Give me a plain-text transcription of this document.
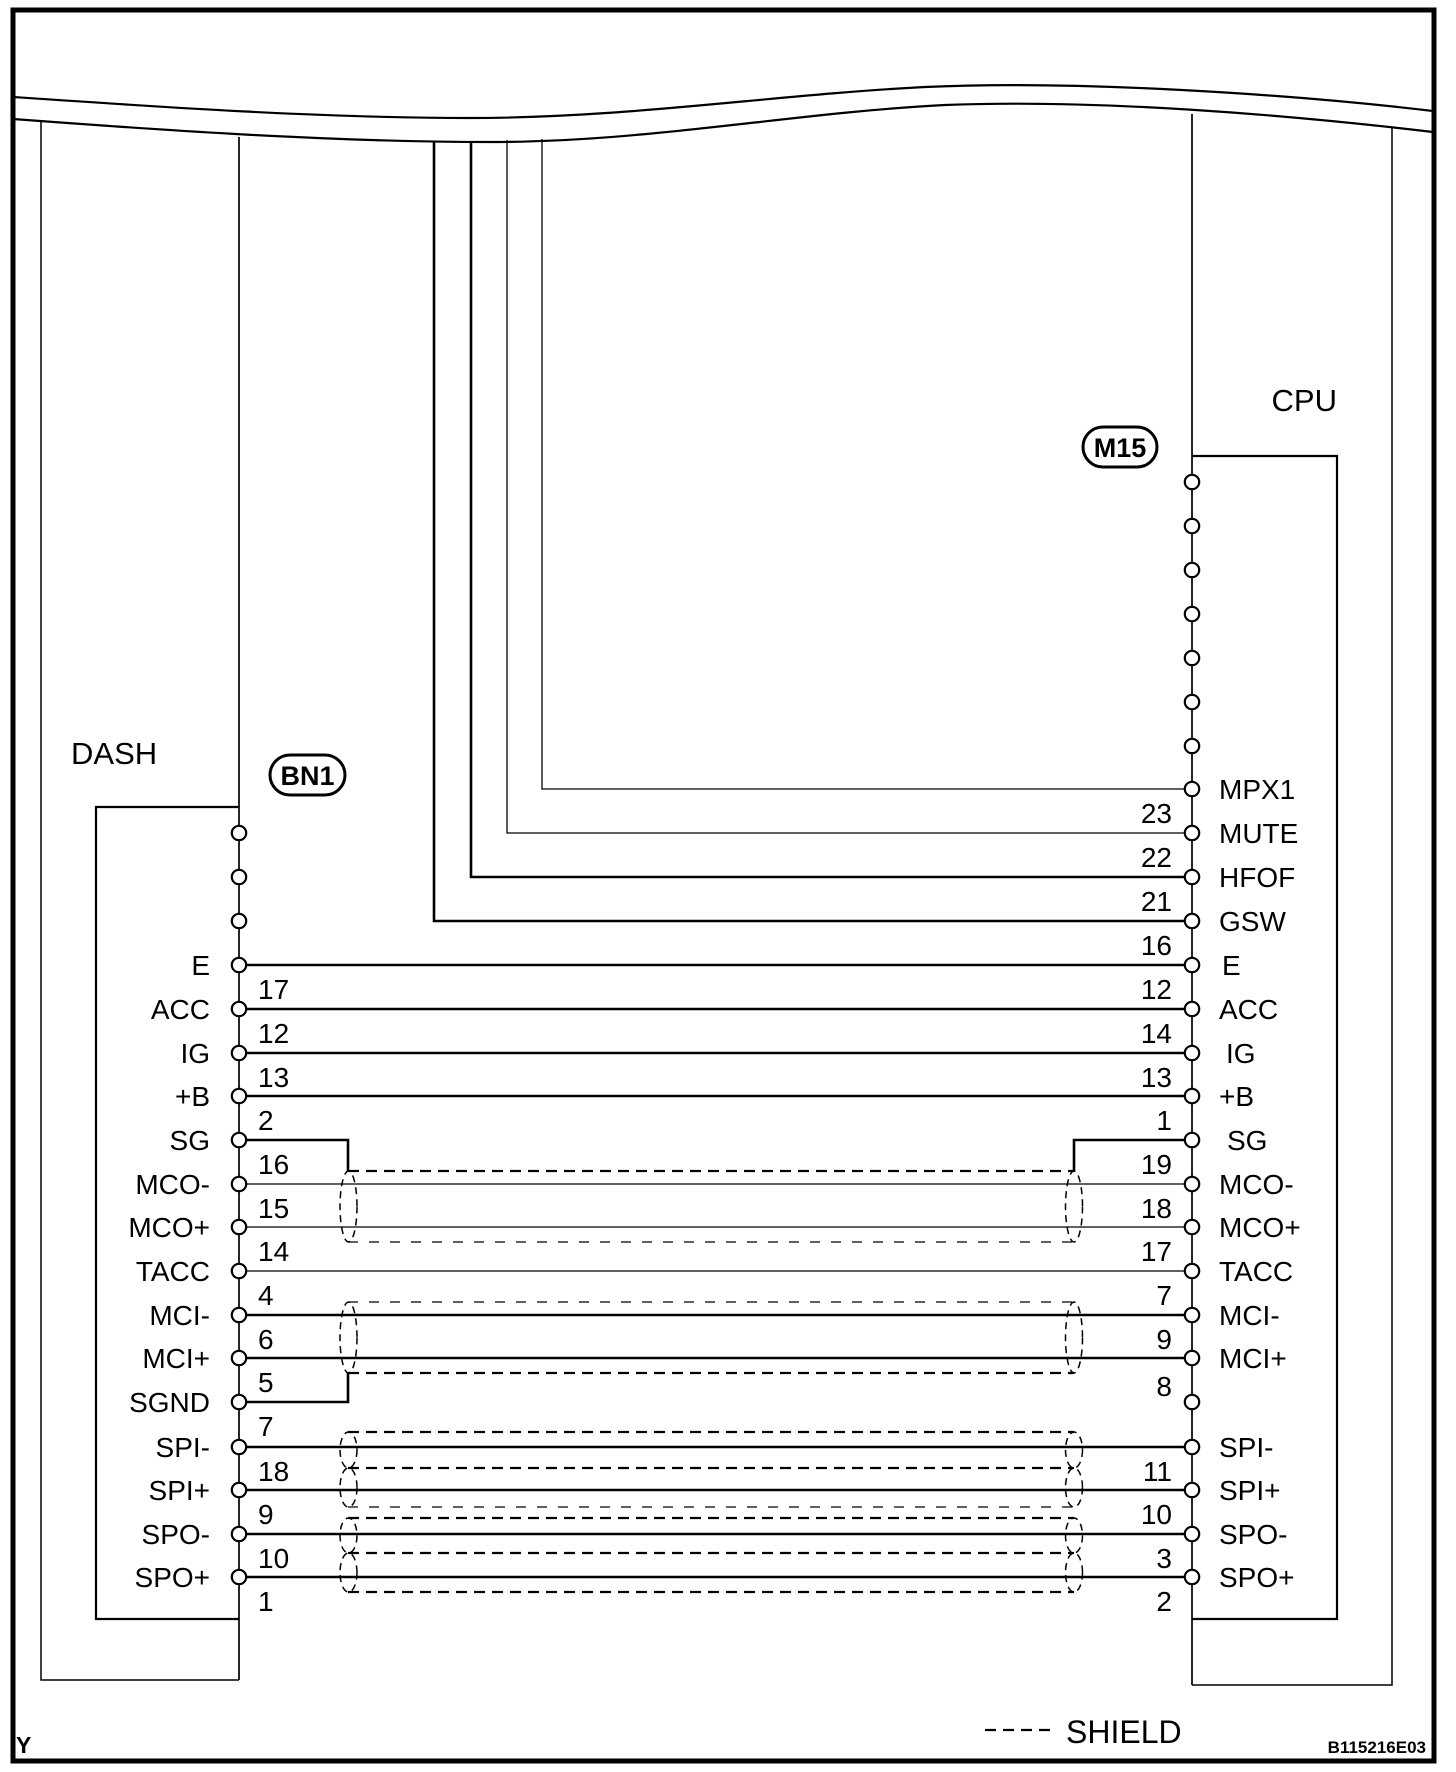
DASH
CPU
BN1
M15
E
ACC
IG
+B
SG
MCO-
MCO+
TACC
MCI-
MCI+
SGND
SPI-
SPI+
SPO-
SPO+
17
12
13
2
16
15
14
4
6
5
7
18
9
10
1
23
22
21
16
12
14
13
1
19
18
17
7
9
8
11
10
3
2
MPX1
MUTE
HFOF
GSW
E
ACC
IG
+B
SG
MCO-
MCO+
TACC
MCI-
MCI+
SPI-
SPI+
SPO-
SPO+
SHIELD	B115216E03
Y
